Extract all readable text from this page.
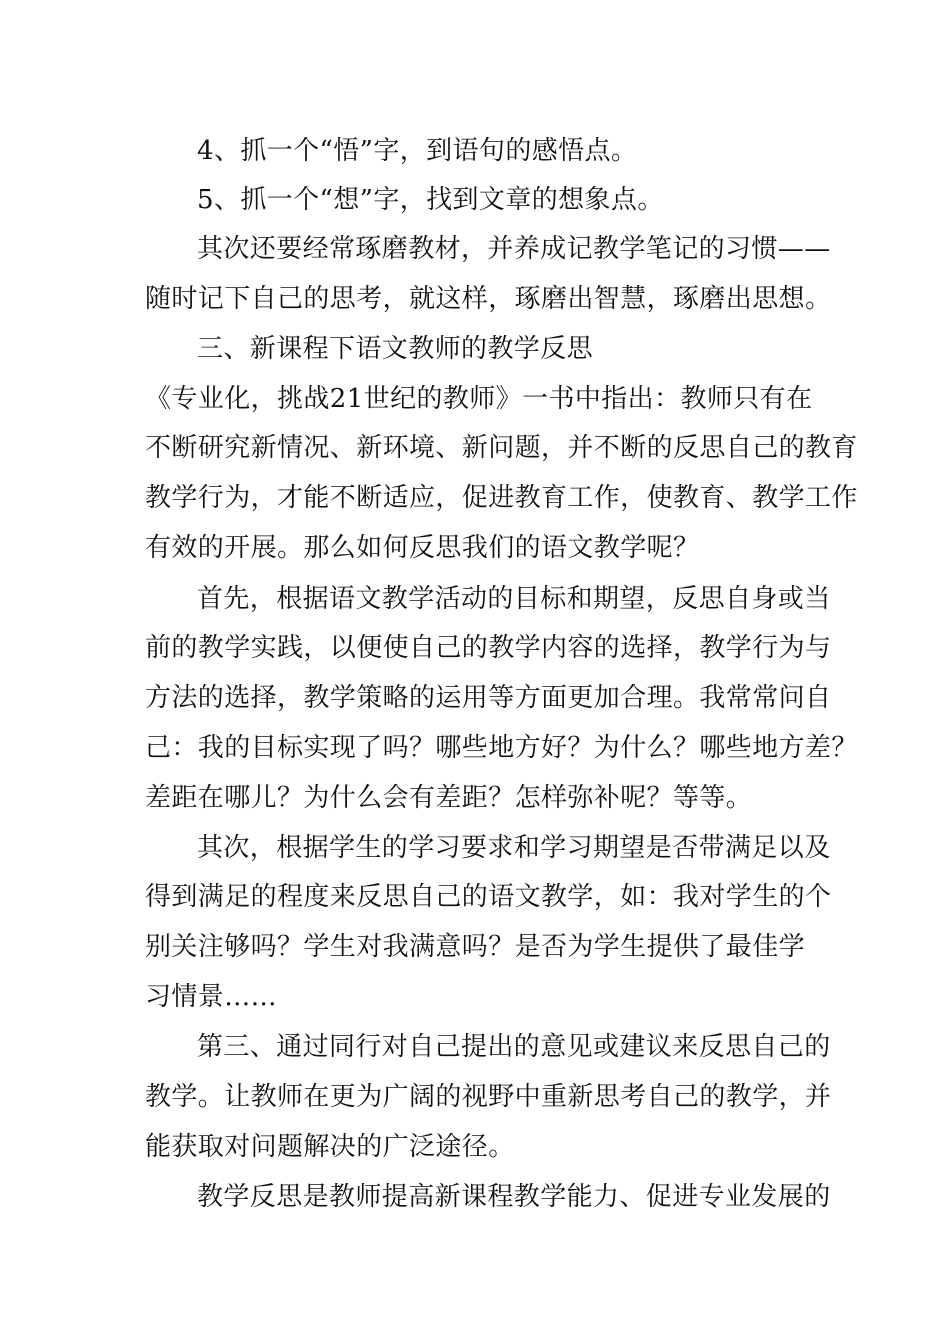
4、抓一个“悟”字，到语句的感悟点。
5、抓一个“想”字，找到文章的想象点。
其次还要经常琢磨教材，并养成记教学笔记的习惯——
随时记下自己的思考，就这样，琢磨出智慧，琢磨出思想。
三、新课程下语文教师的教学反思
《专业化，挑战21世纪的教师》一书中指出：教师只有在
不断研究新情况、新环境、新问题，并不断的反思自己的教育
教学行为，才能不断适应，促进教育工作，使教育、教学工作
有效的开展。那么如何反思我们的语文教学呢？
首先，根据语文教学活动的目标和期望，反思自身或当
前的教学实践，以便使自己的教学内容的选择，教学行为与
方法的选择，教学策略的运用等方面更加合理。我常常问自
己：我的目标实现了吗？哪些地方好？为什么？哪些地方差？
差距在哪儿？为什么会有差距？怎样弥补呢？等等。
其次，根据学生的学习要求和学习期望是否带满足以及
得到满足的程度来反思自己的语文教学，如：我对学生的个
别关注够吗？学生对我满意吗？是否为学生提供了最佳学
习情景……
第三、通过同行对自己提出的意见或建议来反思自己的
教学。让教师在更为广阔的视野中重新思考自己的教学，并
能获取对问题解决的广泛途径。
教学反思是教师提高新课程教学能力、促进专业发展的
